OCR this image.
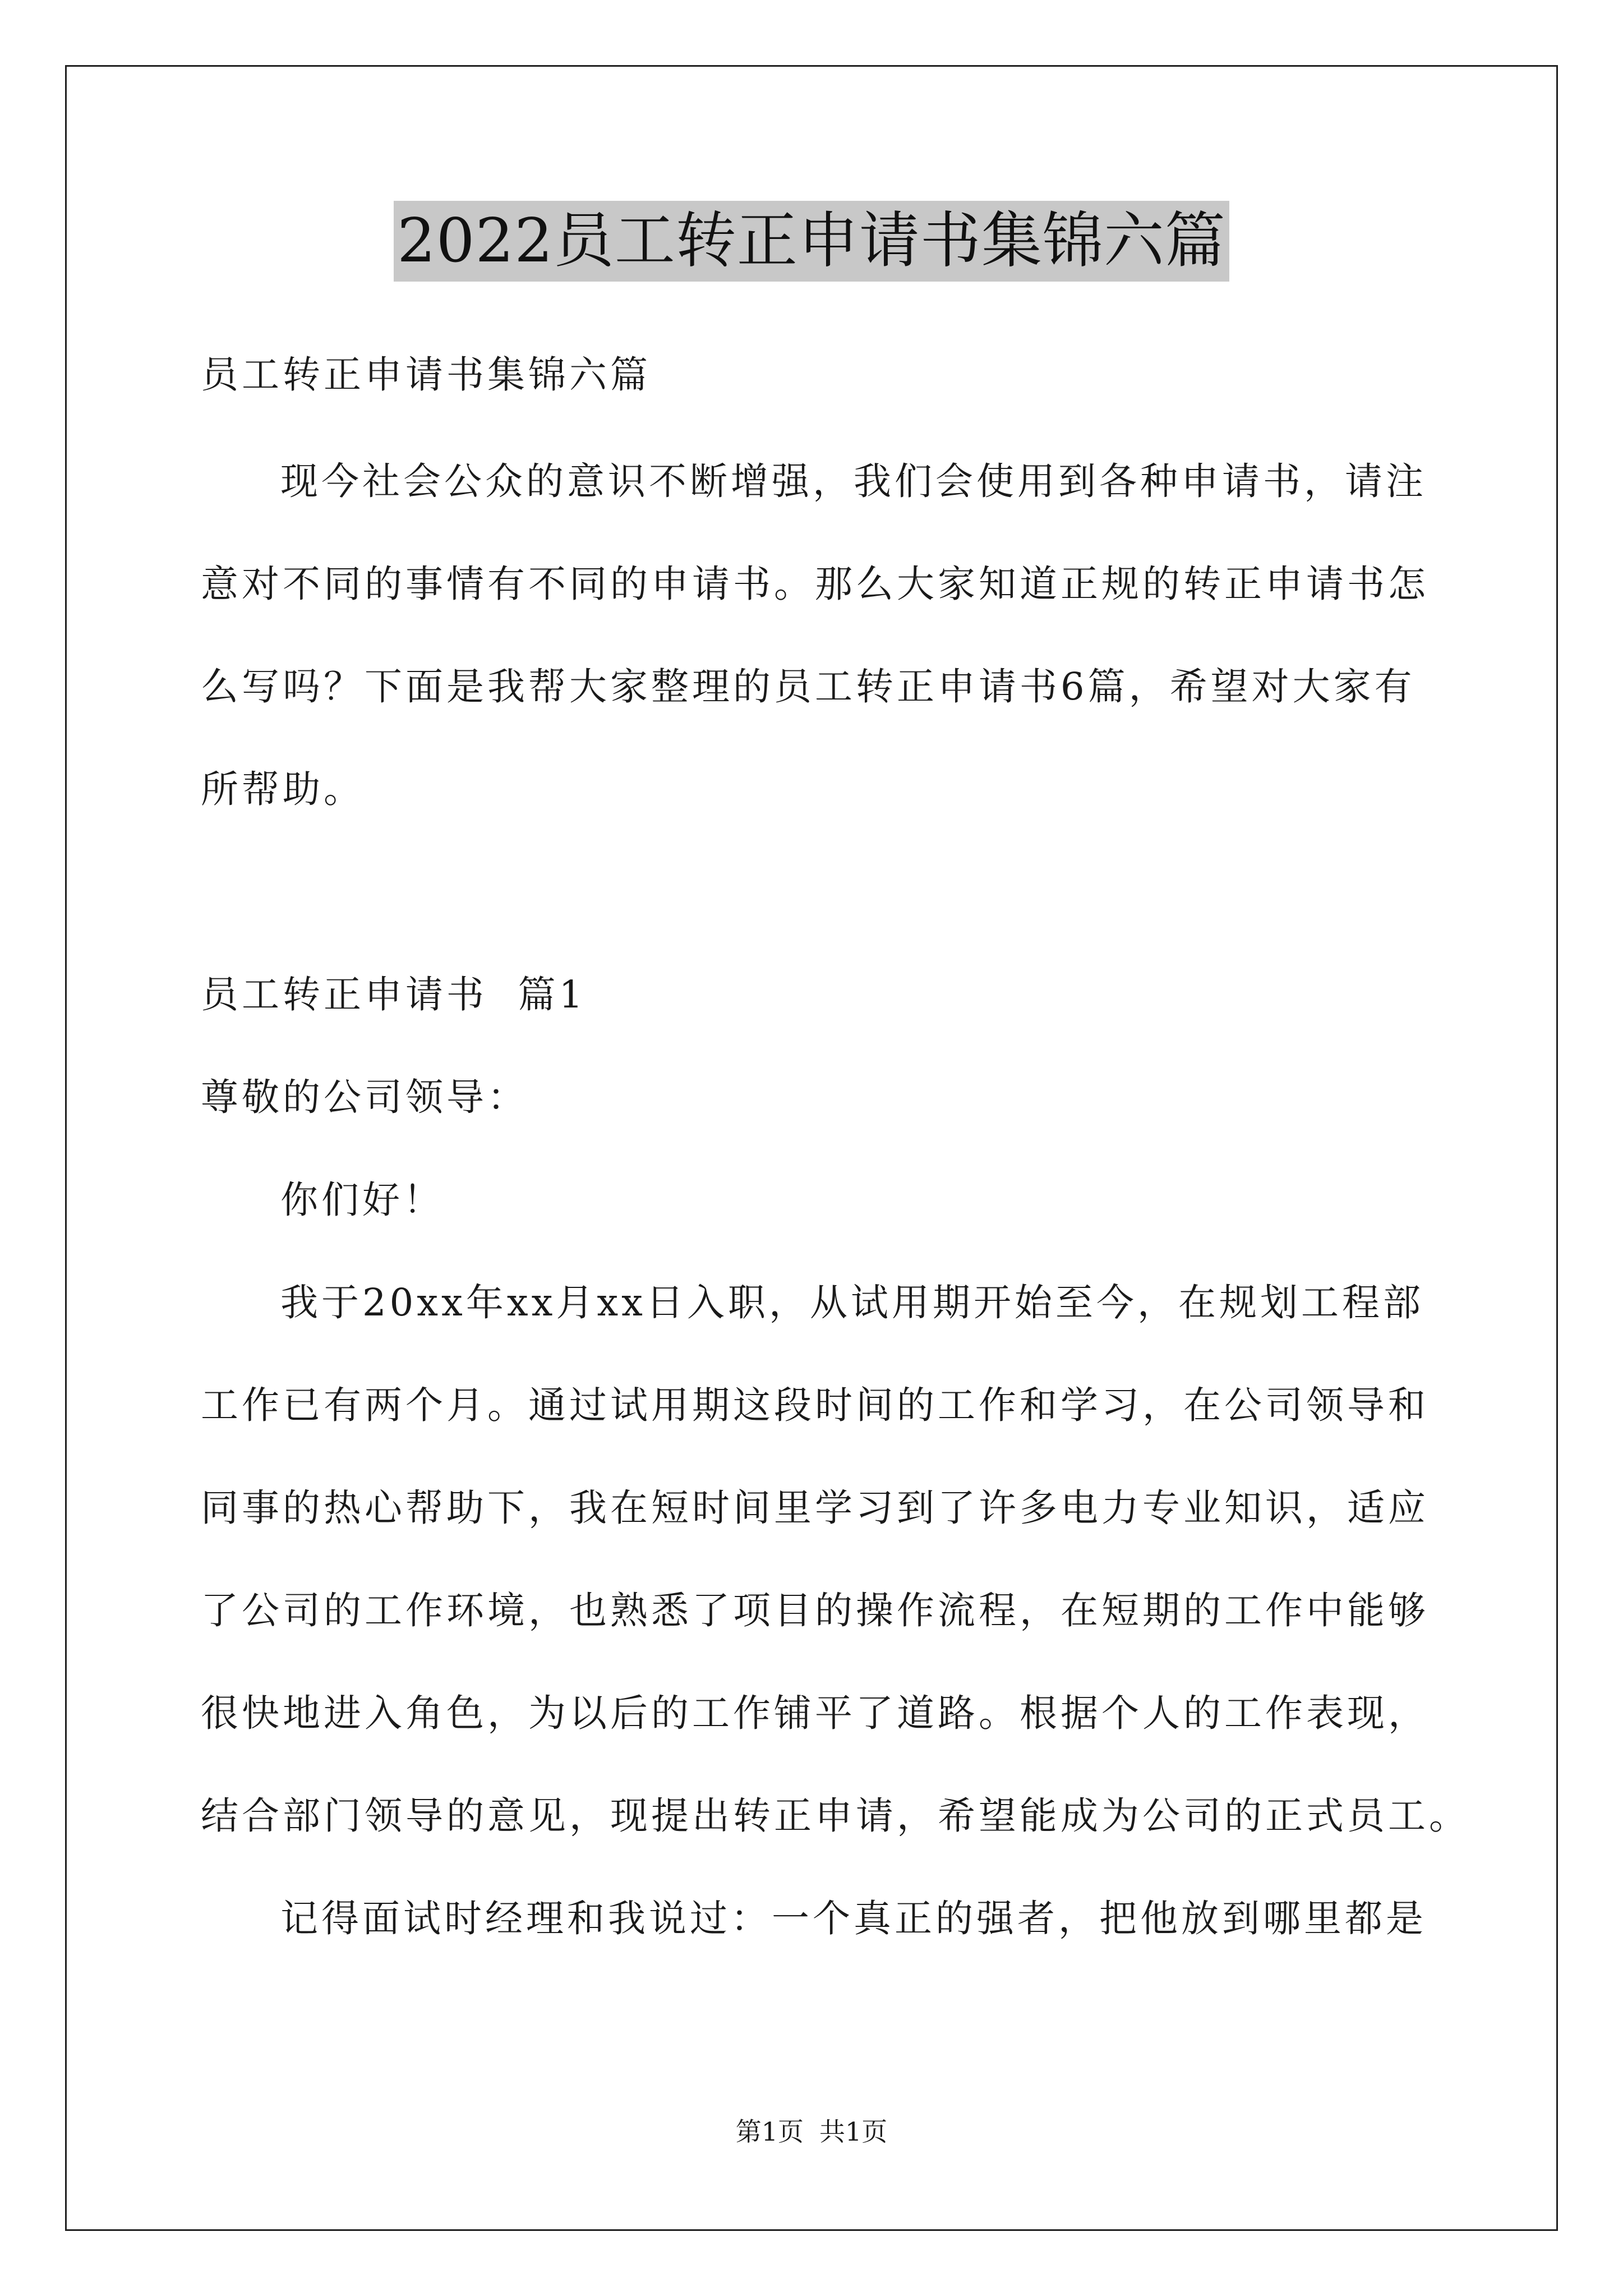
2022员工转正申请书集锦六篇
员工转正申请书集锦六篇
现今社会公众的意识不断增强，我们会使用到各种申请书，请注
意对不同的事情有不同的申请书。那么大家知道正规的转正申请书怎
么写吗？下面是我帮大家整理的员工转正申请书6篇，希望对大家有
所帮助。
员工转正申请书  篇1
尊敬的公司领导：
你们好！
我于20xx年xx月xx日入职，从试用期开始至今，在规划工程部
工作已有两个月。通过试用期这段时间的工作和学习，在公司领导和
同事的热心帮助下，我在短时间里学习到了许多电力专业知识，适应
了公司的工作环境，也熟悉了项目的操作流程，在短期的工作中能够
很快地进入角色，为以后的工作铺平了道路。根据个人的工作表现，
结合部门领导的意见，现提出转正申请，希望能成为公司的正式员工。
记得面试时经理和我说过：一个真正的强者，把他放到哪里都是
第1页 共1页
